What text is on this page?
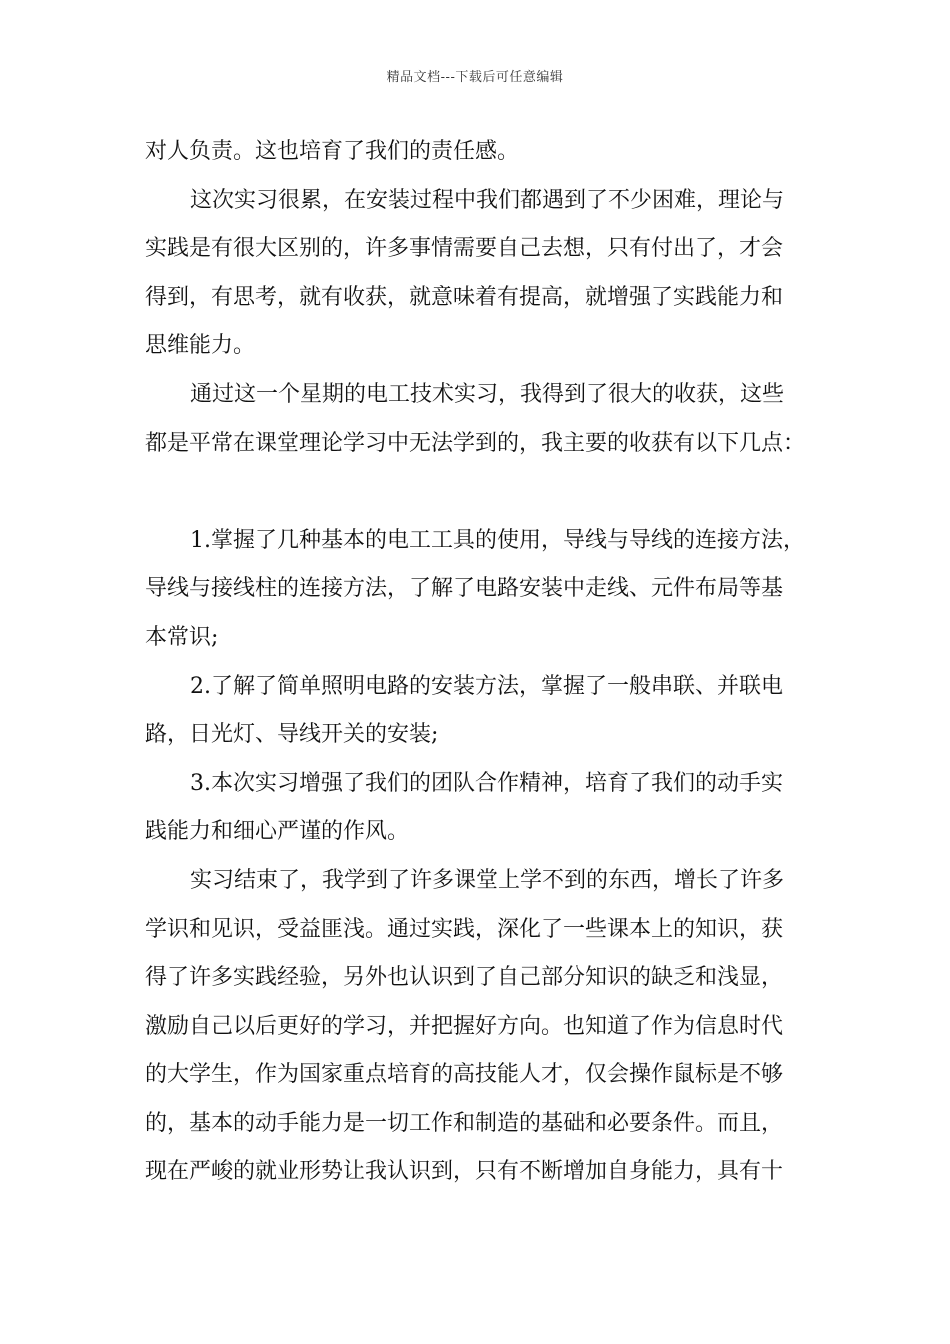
精品文档---下载后可任意编辑
对人负责。这也培育了我们的责任感。
这次实习很累，在安装过程中我们都遇到了不少困难，理论与
实践是有很大区别的，许多事情需要自己去想，只有付出了，才会
得到，有思考，就有收获，就意味着有提高，就增强了实践能力和
思维能力。
通过这一个星期的电工技术实习，我得到了很大的收获，这些
都是平常在课堂理论学习中无法学到的，我主要的收获有以下几点：
1.掌握了几种基本的电工工具的使用，导线与导线的连接方法，
导线与接线柱的连接方法，了解了电路安装中走线、元件布局等基
本常识;
2.了解了简单照明电路的安装方法，掌握了一般串联、并联电
路，日光灯、导线开关的安装;
3.本次实习增强了我们的团队合作精神，培育了我们的动手实
践能力和细心严谨的作风。
实习结束了，我学到了许多课堂上学不到的东西，增长了许多
学识和见识，受益匪浅。通过实践，深化了一些课本上的知识，获
得了许多实践经验，另外也认识到了自己部分知识的缺乏和浅显，
激励自己以后更好的学习，并把握好方向。也知道了作为信息时代
的大学生，作为国家重点培育的高技能人才，仅会操作鼠标是不够
的，基本的动手能力是一切工作和制造的基础和必要条件。而且，
现在严峻的就业形势让我认识到，只有不断增加自身能力，具有十
